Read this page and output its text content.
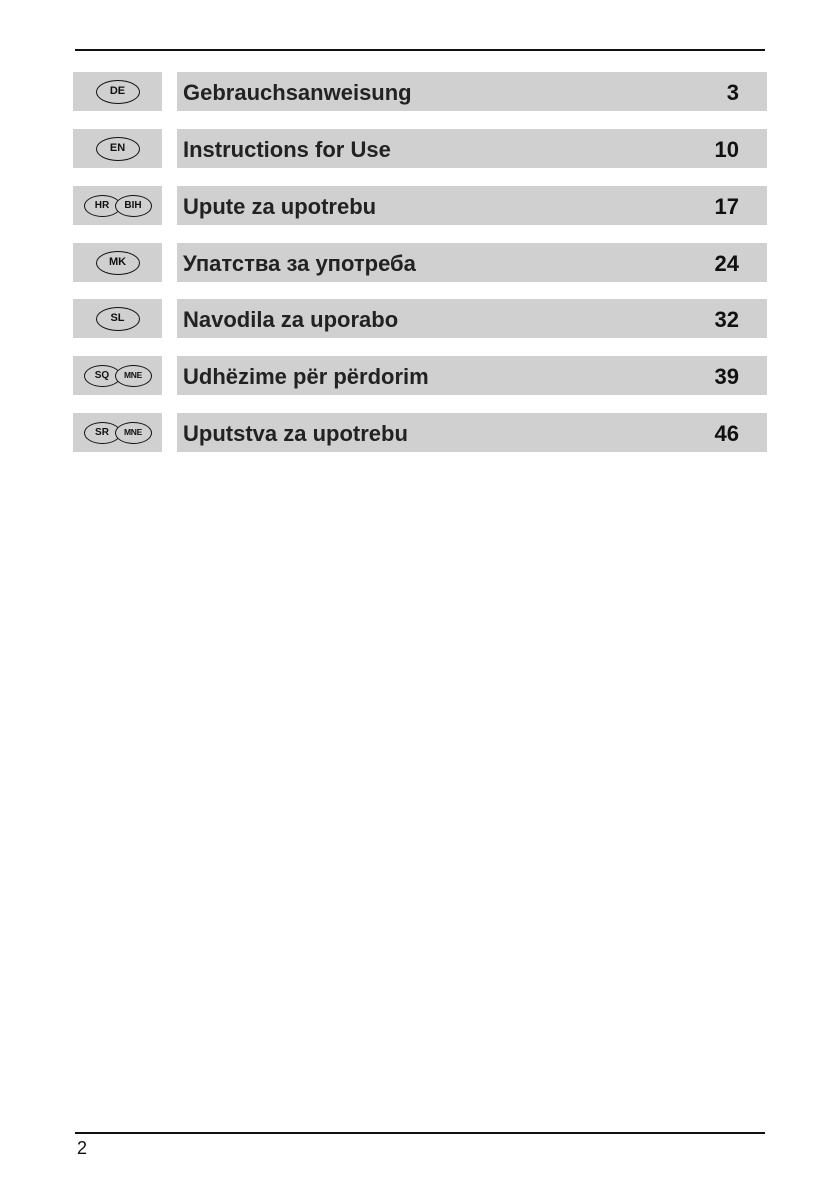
DE	Gebrauchsanweisung	3
EN	Instructions for Use	10
HR	BIH	Upute za upotrebu	17
MK	Упатства за употреба	24
SL	Navodila za uporabo	32
SQ	MNE	Udhëzime për përdorim	39
SR	MNE	Uputstva za upotrebu	46
2
